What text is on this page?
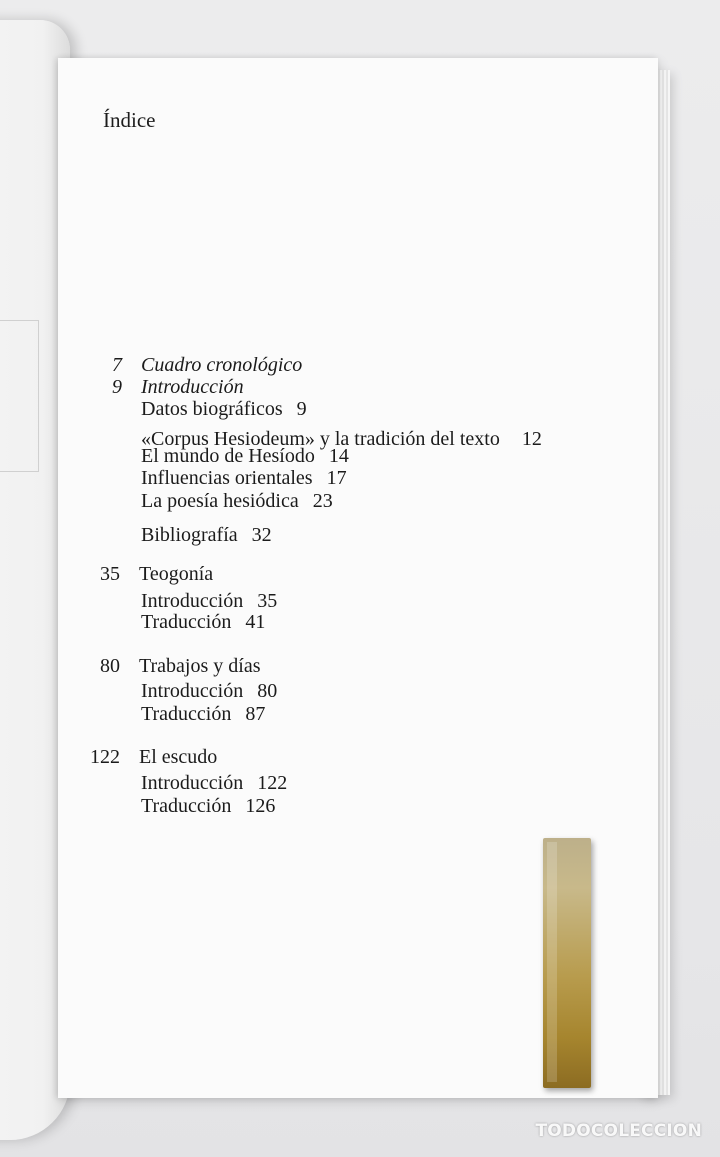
Índice
7 Cuadro cronológico
9 Introducción
Datos biográficos 9
«Corpus Hesiodeum» y la tradición del texto 12
El mundo de Hesíodo 14
Influencias orientales 17
La poesía hesiódica 23
Bibliografía 32
35 Teogonía
Introducción 35
Traducción 41
80 Trabajos y días
Introducción 80
Traducción 87
122 El escudo
Introducción 122
Traducción 126
TODOCOLECCION
